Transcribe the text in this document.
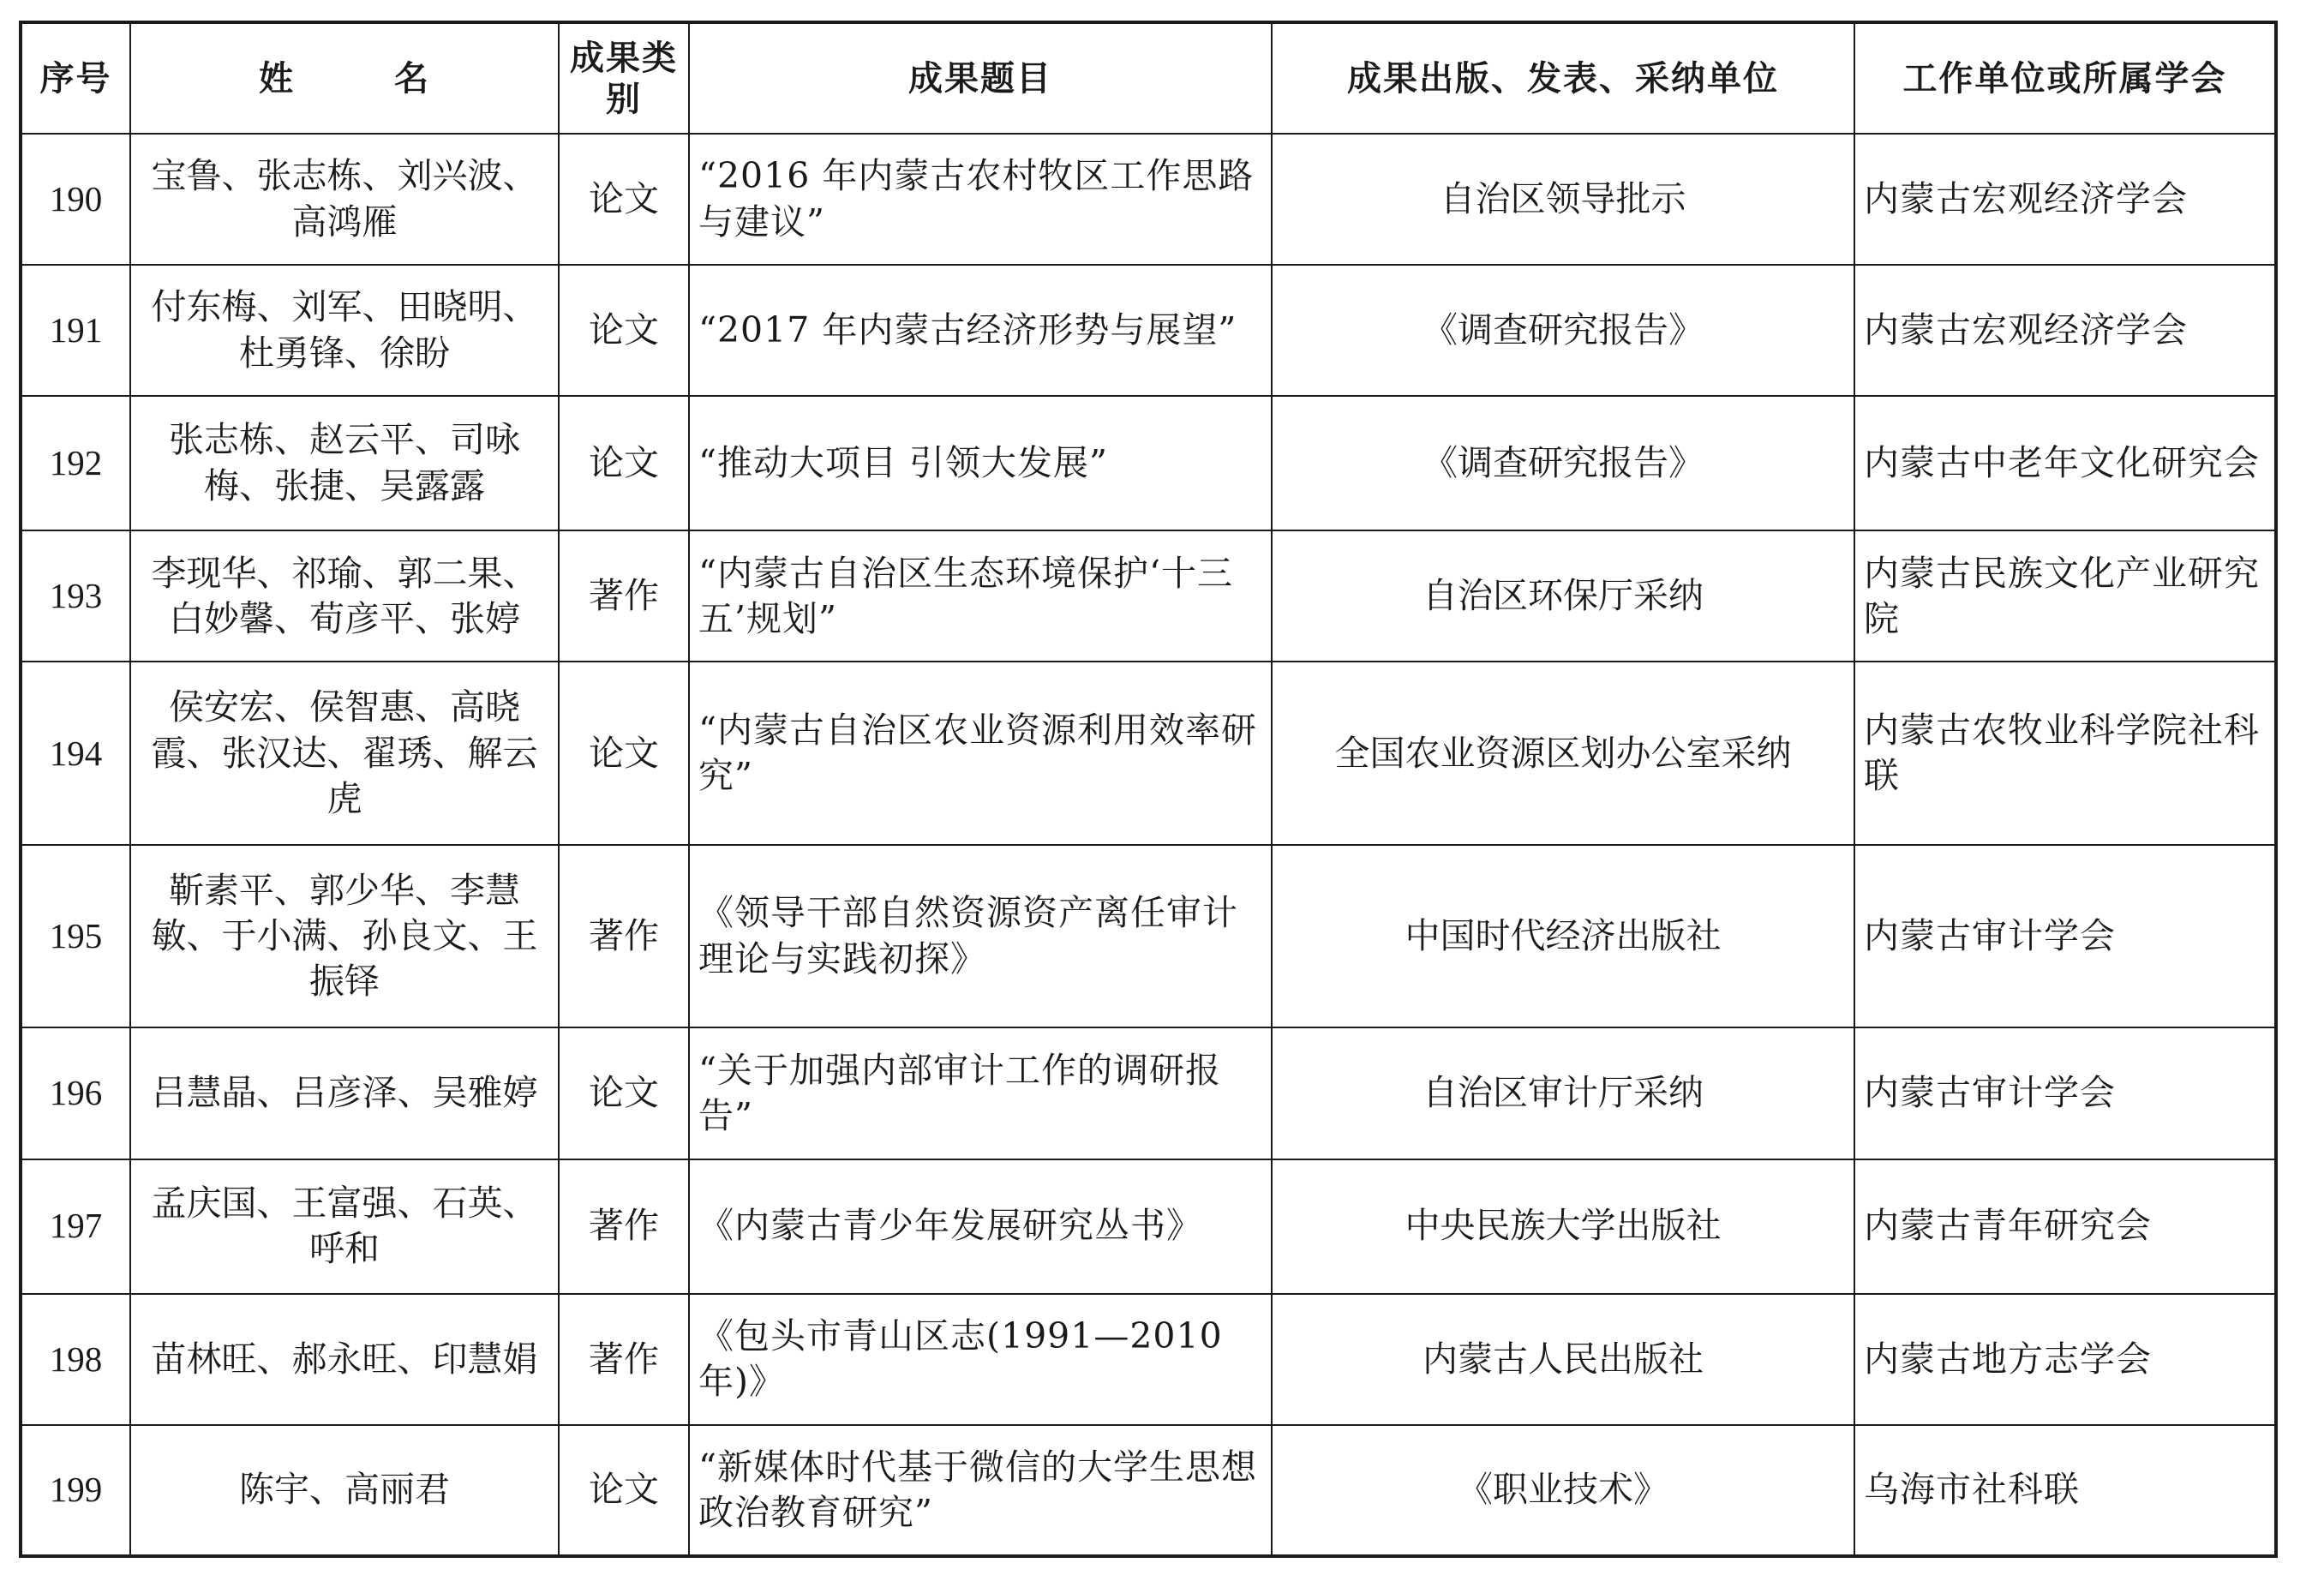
序号	姓 名	成果类别	成果题目	成果出版、发表、采纳单位	工作单位或所属学会
190	宝鲁、张志栋、刘兴波、高鸿雁	论文	“2016 年内蒙古农村牧区工作思路与建议”	自治区领导批示	内蒙古宏观经济学会
191	付东梅、刘军、田晓明、杜勇锋、徐盼	论文	“2017 年内蒙古经济形势与展望”	《调查研究报告》	内蒙古宏观经济学会
192	张志栋、赵云平、司咏梅、张捷、吴露露	论文	“推动大项目 引领大发展”	《调查研究报告》	内蒙古中老年文化研究会
193	李现华、祁瑜、郭二果、白妙馨、荀彦平、张婷	著作	“内蒙古自治区生态环境保护‘十三五’规划”	自治区环保厅采纳	内蒙古民族文化产业研究院
194	侯安宏、侯智惠、高晓霞、张汉达、翟琇、解云虎	论文	“内蒙古自治区农业资源利用效率研究”	全国农业资源区划办公室采纳	内蒙古农牧业科学院社科联
195	靳素平、郭少华、李慧敏、于小满、孙良文、王振铎	著作	《领导干部自然资源资产离任审计理论与实践初探》	中国时代经济出版社	内蒙古审计学会
196	吕慧晶、吕彦泽、吴雅婷	论文	“关于加强内部审计工作的调研报告”	自治区审计厅采纳	内蒙古审计学会
197	孟庆国、王富强、石英、呼和	著作	《内蒙古青少年发展研究丛书》	中央民族大学出版社	内蒙古青年研究会
198	苗林旺、郝永旺、印慧娟	著作	《包头市青山区志(1991—2010 年)》	内蒙古人民出版社	内蒙古地方志学会
199	陈宇、高丽君	论文	“新媒体时代基于微信的大学生思想政治教育研究”	《职业技术》	乌海市社科联
